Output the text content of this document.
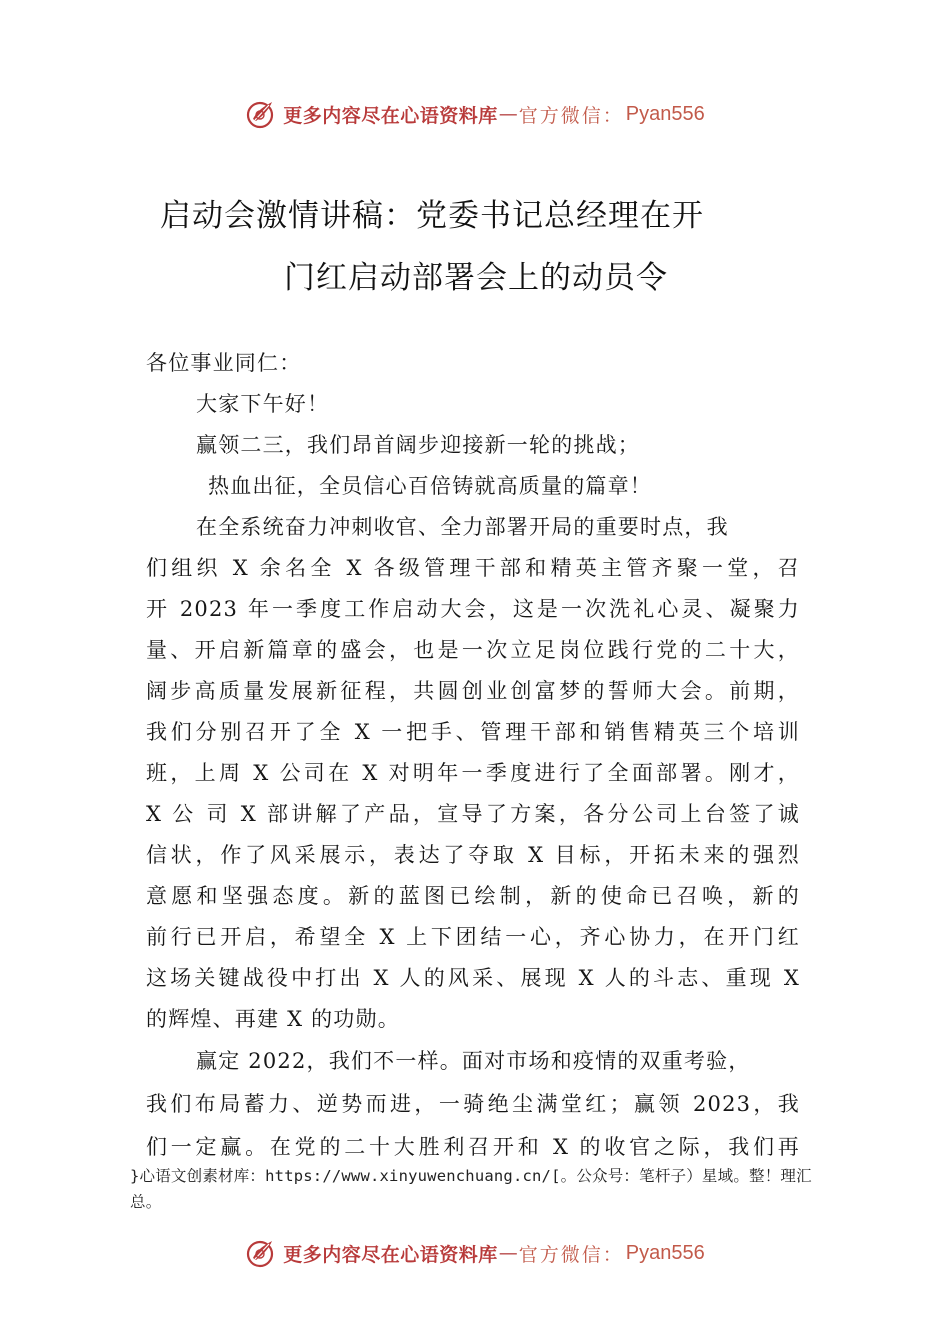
更多内容尽在心语资料库 — 官方微信： Pyan556
启动会激情讲稿：党委书记总经理在开
门红启动部署会上的动员令
各位事业同仁：
大家下午好！
赢领二三，我们昂首阔步迎接新一轮的挑战；
热血出征，全员信心百倍铸就高质量的篇章！
在全系统奋力冲刺收官、全力部署开局的重要时点，我
们组织 X 余名全 X 各级管理干部和精英主管齐聚一堂，召
开 2023 年一季度工作启动大会，这是一次洗礼心灵、凝聚力
量、开启新篇章的盛会，也是一次立足岗位践行党的二十大，
阔步高质量发展新征程，共圆创业创富梦的誓师大会。前期，
我们分别召开了全 X 一把手、管理干部和销售精英三个培训
班，上周 X 公司在 X 对明年一季度进行了全面部署。刚才，
X 公 司 X 部讲解了产品，宣导了方案，各分公司上台签了诚
信状，作了风采展示，表达了夺取 X 目标，开拓未来的强烈
意愿和坚强态度。新的蓝图已绘制，新的使命已召唤，新的
前行已开启，希望全 X 上下团结一心，齐心协力，在开门红
这场关键战役中打出 X 人的风采、展现 X 人的斗志、重现 X
的辉煌、再建 X 的功勋。
赢定 2022，我们不一样。面对市场和疫情的双重考验，
我们布局蓄力、逆势而进，一骑绝尘满堂红；赢领 2023，我
们一定赢。在党的二十大胜利召开和 X 的收官之际，我们再
}心语文创素材库：https://www.xinyuwenchuang.cn/[。公众号：笔杆子）星域。整！理汇
总。
更多内容尽在心语资料库 — 官方微信： Pyan556
